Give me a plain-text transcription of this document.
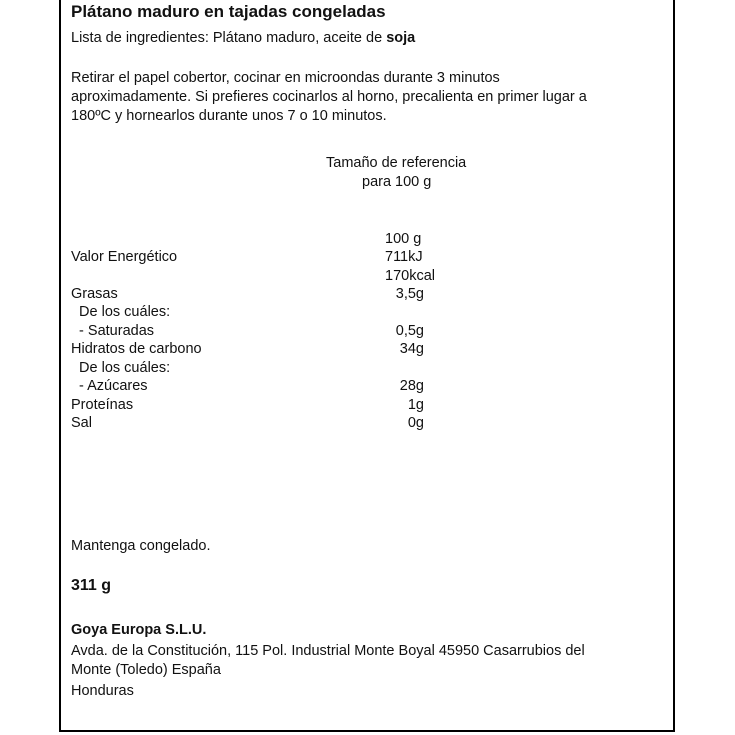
Plátano maduro en tajadas congeladas
Lista de ingredientes: Plátano maduro, aceite de soja
Retirar el papel cobertor, cocinar en microondas durante 3 minutos
aproximadamente. Si prefieres cocinarlos al horno, precalienta en primer lugar a
180ºC y hornearlos durante unos 7 o 10 minutos.
Tamaño de referencia
para 100 g
100 g
Valor Energético	711kJ
170kcal
Grasas	3,5g
De los cuáles:
- Saturadas	0,5g
Hidratos de carbono	34g
De los cuáles:
- Azúcares	28g
Proteínas	1g
Sal	0g
Mantenga congelado.
311 g
Goya Europa S.L.U.
Avda. de la Constitución, 115 Pol. Industrial Monte Boyal 45950 Casarrubios del
Monte (Toledo) España
Honduras
